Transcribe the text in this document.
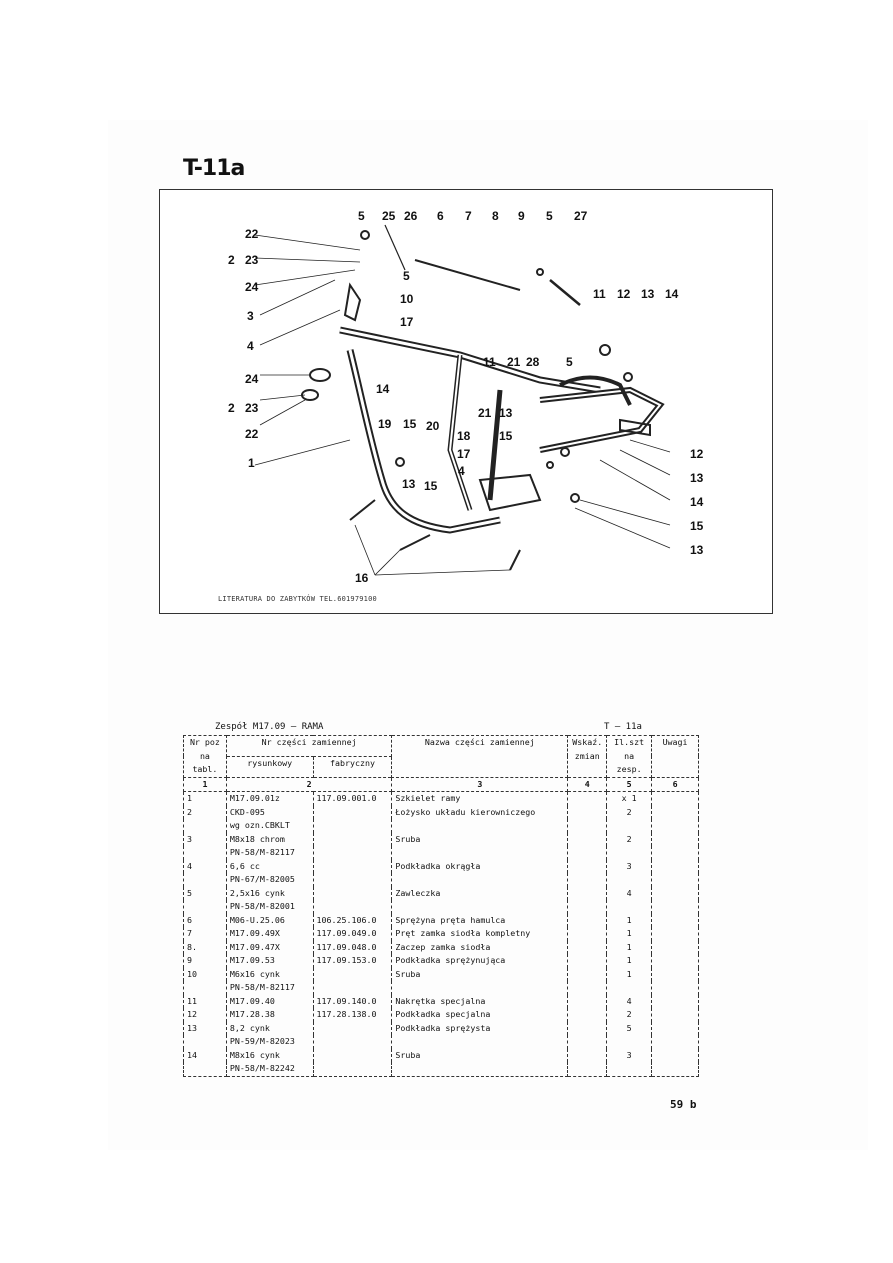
T-11a
5 25 26 6 7 8 9 5 27
22
23
2
24
5
10
17
3
4
11 12 13 14
11 21 28 5
24
2 23
22
14
19 15 20
21 13
18
17
15
4
12
13
14
15
13
1
13 15
16
LITERATURA DO ZABYTKÓW TEL.601979100
Zespół M17.09 – RAMA	T – 11a
Nr poz na tabl.	Nr części zamiennej		Nazwa części zamiennej	Wskaź. zmian	Il.szt na zesp.	Uwagi
	rysunkowy	fabryczny				
1	2		3	4	5	6
1	M17.09.01z	117.09.001.0	Szkielet ramy		x 1	
2	CKD-095		Łożysko układu kierowniczego		2	
	wg ozn.CBKLT					
3	M8x18 chrom		Sruba		2	
	PN-58/M-82117					
4	6,6 cc		Podkładka okrągła		3	
	PN-67/M-82005					
5	2,5x16 cynk		Zawleczka		4	
	PN-58/M-82001					
6	M06-U.25.06	106.25.106.0	Sprężyna pręta hamulca		1	
7	M17.09.49X	117.09.049.0	Pręt zamka siodła kompletny		1	
8.	M17.09.47X	117.09.048.0	Zaczep zamka siodła		1	
9	M17.09.53	117.09.153.0	Podkładka sprężynująca		1	
10	M6x16 cynk		Sruba		1	
	PN-58/M-82117					
11	M17.09.40	117.09.140.0	Nakrętka specjalna		4	
12	M17.28.38	117.28.138.0	Podkładka specjalna		2	
13	8,2 cynk		Podkładka sprężysta		5	
	PN-59/M-82023					
14	M8x16 cynk		Sruba		3	
	PN-58/M-82242					
59 b
